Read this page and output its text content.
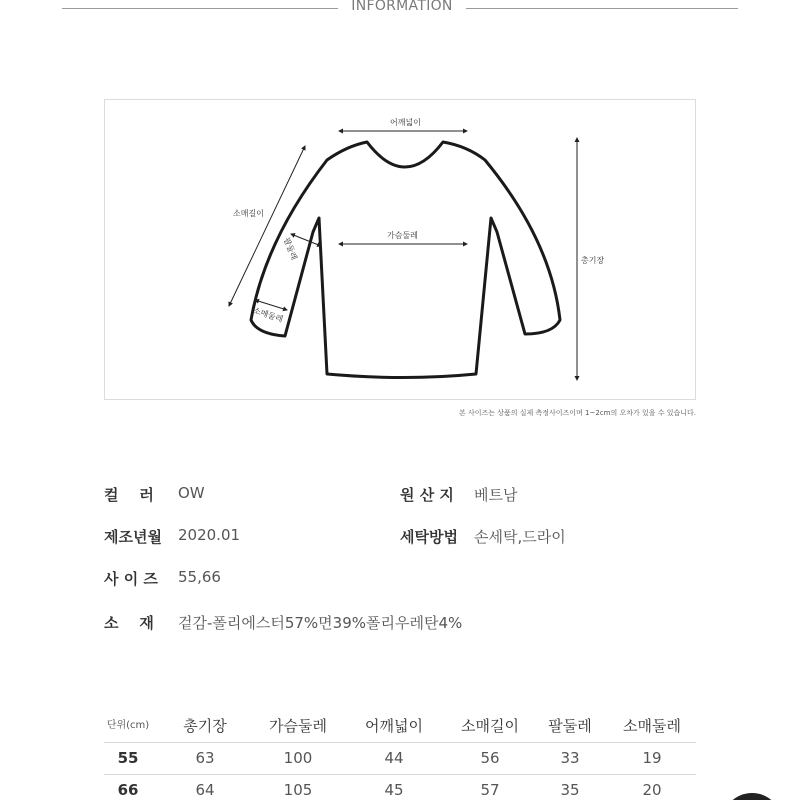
INFORMATION
어깨넓이
소매길이
팔둘레
가슴둘레
소매둘레
총기장
본 사이즈는 상품의 실제 측정사이즈이며 1~2cm의 오차가 있을 수 있습니다.
컬    러 OW	원 산 지 베트남
제조년월 2020.01	세탁방법 손세탁,드라이
사 이 즈 55,66
소    재 겉감-폴리에스터57%면39%폴리우레탄4%
단위(cm)	총기장	가슴둘레	어깨넓이	소매길이	팔둘레	소매둘레
55	63	100	44	56	33	19
66	64	105	45	57	35	20
